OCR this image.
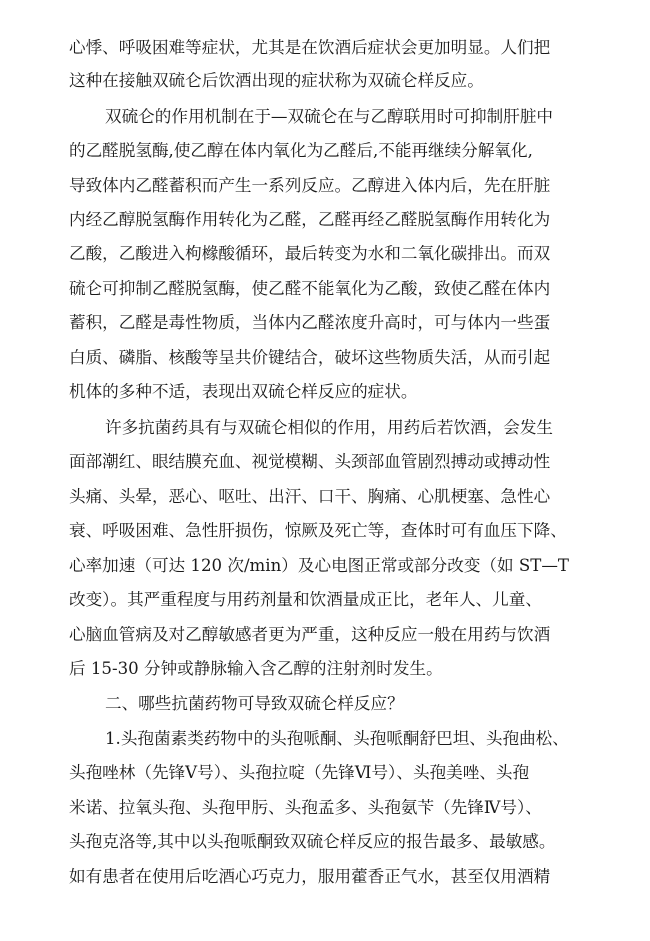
心悸、呼吸困难等症状，尤其是在饮酒后症状会更加明显。人们把
这种在接触双硫仑后饮酒出现的症状称为双硫仑样反应。
双硫仑的作用机制在于—双硫仑在与乙醇联用时可抑制肝脏中
的乙醛脱氢酶,使乙醇在体内氧化为乙醛后,不能再继续分解氧化,
导致体内乙醛蓄积而产生一系列反应。乙醇进入体内后，先在肝脏
内经乙醇脱氢酶作用转化为乙醛，乙醛再经乙醛脱氢酶作用转化为
乙酸，乙酸进入枸橼酸循环，最后转变为水和二氧化碳排出。而双
硫仑可抑制乙醛脱氢酶，使乙醛不能氧化为乙酸，致使乙醛在体内
蓄积，乙醛是毒性物质，当体内乙醛浓度升高时，可与体内一些蛋
白质、磷脂、核酸等呈共价键结合，破坏这些物质失活，从而引起
机体的多种不适，表现出双硫仑样反应的症状。
许多抗菌药具有与双硫仑相似的作用，用药后若饮酒，会发生
面部潮红、眼结膜充血、视觉模糊、头颈部血管剧烈搏动或搏动性
头痛、头晕，恶心、呕吐、出汗、口干、胸痛、心肌梗塞、急性心
衰、呼吸困难、急性肝损伤，惊厥及死亡等，查体时可有血压下降、
心率加速（可达 120 次/min）及心电图正常或部分改变（如 ST—T
改变）。其严重程度与用药剂量和饮酒量成正比，老年人、儿童、
心脑血管病及对乙醇敏感者更为严重，这种反应一般在用药与饮酒
后 15-30 分钟或静脉输入含乙醇的注射剂时发生。
二、哪些抗菌药物可导致双硫仑样反应？
1.头孢菌素类药物中的头孢哌酮、头孢哌酮舒巴坦、头孢曲松、
头孢唑林（先锋Ⅴ号）、头孢拉啶（先锋Ⅵ号）、头孢美唑、头孢
米诺、拉氧头孢、头孢甲肟、头孢孟多、头孢氨苄（先锋Ⅳ号）、
头孢克洛等,其中以头孢哌酮致双硫仑样反应的报告最多、最敏感。
如有患者在使用后吃酒心巧克力，服用藿香正气水，甚至仅用酒精
